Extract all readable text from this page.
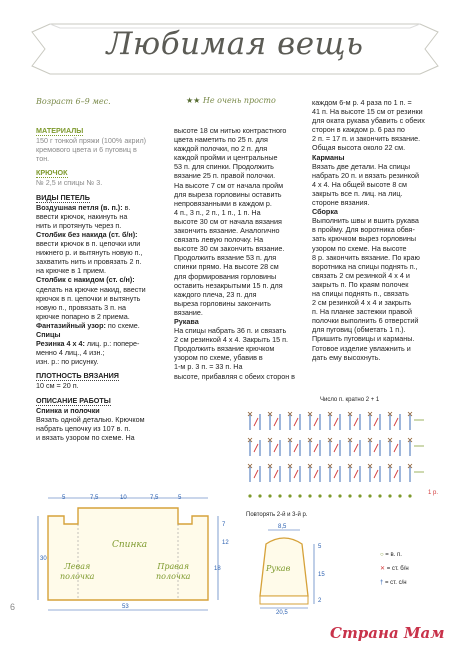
Любимая вещь
Возраст 6–9 мес.	★★ Не очень просто

МАТЕРИАЛЫ

150 г тонкой пряжи (100% акрил)

кремового цвета и 6 пуговиц в

тон.

КРЮЧОК

№ 2,5 и спицы № 3.

ВИДЫ ПЕТЕЛЬ

Воздушная петля (в. п.): в.

ввести крючок, накинуть на

нить и протянуть через п.

Столбик без накида (ст. б/н):

ввести крючок в п. цепочки или

нижнего р. и вытянуть новую п.,

захватить нить и провязать 2 п.

на крючке в 1 прием.

Столбик с накидом (ст. с/н):

сделать на крючке накид, ввести

крючок в п. цепочки и вытянуть

новую п., провязать 3 п. на

крючке попарно в 2 приема.

Фантазийный узор: по схеме.

Спицы

Резинка 4 х 4: лиц. р.: попере-

менно 4 лиц., 4 изн.;

изн. р.: по рисунку.

ПЛОТНОСТЬ ВЯЗАНИЯ

10 см = 20 п.

ОПИСАНИЕ РАБОТЫ

Спинка и полочки

Вязать одной деталью. Крючком

набрать цепочку из 107 в. п.

и вязать узором по схеме. На

высоте 18 см нитью контрастного

цвета наметить по 25 п. для

каждой полочки, по 2 п. для

каждой пройми и центральные

53 п. для спинки. Продолжить

вязание 25 п. правой полочки.

На высоте 7 см от начала пройм

для выреза горловины оставить

непровязанными в каждом р.

4 п., 3 п., 2 п., 1 п., 1 п. На

высоте 30 см от начала вязания

закончить вязание. Аналогично

связать левую полочку. На

высоте 30 см закончить вязание.

Продолжить вязание 53 п. для

спинки прямо. На высоте 28 см

для формирования горловины

оставить незакрытыми 15 п. для

каждого плеча, 23 п. для

выреза горловины закончить

вязание.

Рукава

На спицы набрать 36 п. и связать

2 см резинкой 4 х 4. Закрыть 15 п.

Продолжить вязание крючком

узором по схеме, убавив в

1-м р. 3 п. = 33 п. На

высоте, прибавляя с обеих сторон в

каждом 6-м р. 4 раза по 1 п. =

41 п. На высоте 15 см от резинки

для оката рукава убавить с обеих

сторон в каждом р. 6 раз по

2 п. = 17 п. и закончить вязание.

Общая высота около 22 см.

Карманы

Вязать две детали. На спицы

набрать 20 п. и вязать резинкой

4 х 4. На общей высоте 8 см

закрыть все п. лиц. на лиц.

стороне вязания.

Сборка

Выполнить швы и вшить рукава

в пройму. Для воротника обвя-

зать крючком вырез горловины

узором по схеме. На высоте

8 р. закончить вязание. По краю

воротника на спицы поднять п.,

связать 2 см резинкой 4 х 4 и

закрыть п. По краям полочек

на спицы поднять п., связать

2 см резинкой 4 х 4 и закрыть

п. На планке застежки правой

полочки выполнить 6 отверстий

для пуговиц (обметать 1 п.).

Пришить пуговицы и карманы.

Готовое изделие увлажнить и

дать ему высохнуть.

Число п. кратно 2 + 1
1 р.
Повторять 2-й и 3-й р.
○ = в. п.
✕ = ст. б/н
† = ст. с/н
5	7,5	10	7,5	5
Спинка
Левая
полочка
Правая
полочка
30
18
12
7
53
8,5
Рукав
2
5
15
20,5
6
Страна Мам
